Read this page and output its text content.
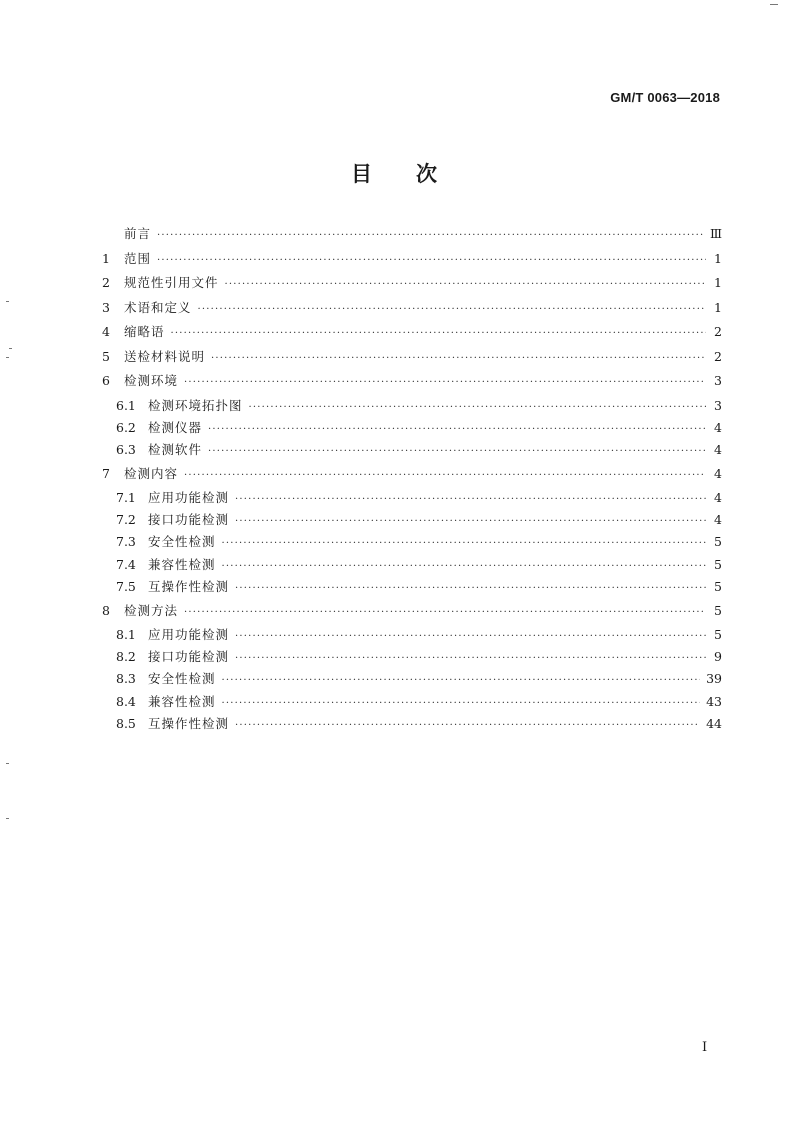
GM/T 0063—2018
目次
前言 ·····	Ⅲ
1	范围 ·····	1
2	规范性引用文件 ·····	1
3	术语和定义 ·····	1
4	缩略语 ·····	2
5	送检材料说明 ·····	2
6	检测环境 ·····	3
6.1 检测环境拓扑图 ·····	3
6.2 检测仪器 ·····	4
6.3 检测软件 ·····	4
7	检测内容 ·····	4
7.1 应用功能检测 ·····	4
7.2 接口功能检测 ·····	4
7.3 安全性检测 ·····	5
7.4 兼容性检测 ·····	5
7.5 互操作性检测 ·····	5
8	检测方法 ·····	5
8.1 应用功能检测 ·····	5
8.2 接口功能检测 ·····	9
8.3 安全性检测 ·····	39
8.4 兼容性检测 ·····	43
8.5 互操作性检测 ·····	44
I
